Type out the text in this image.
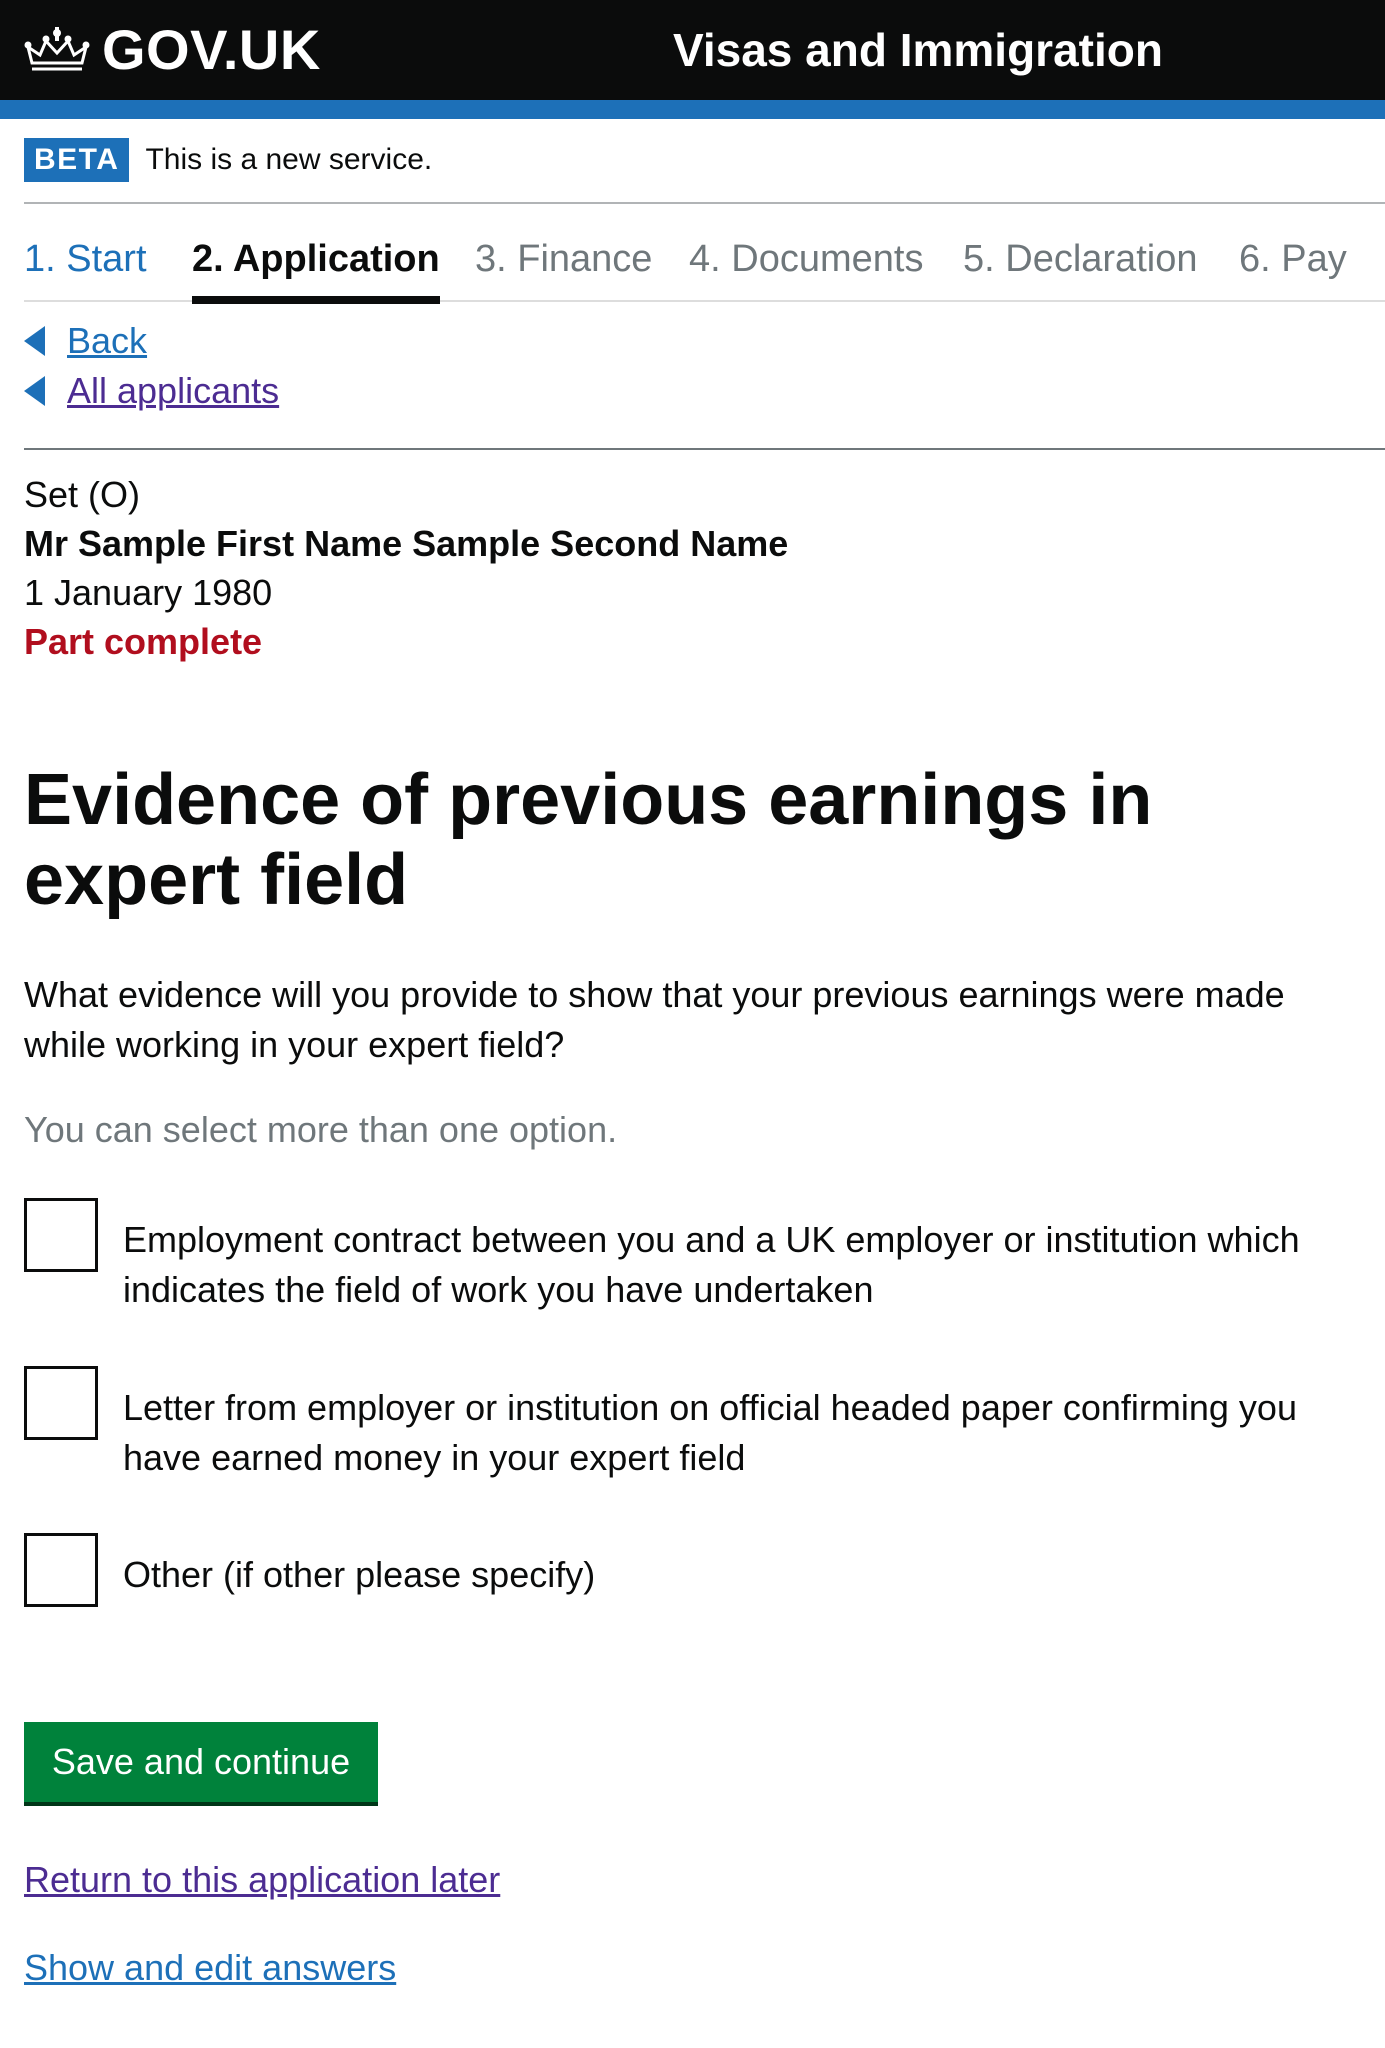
GOV.UK	Visas and Immigration
BETA This is a new service.
1. Start 2. Application 3. Finance 4. Documents 5. Declaration 6. Pay
Back
All applicants
Set (O)
Mr Sample First Name Sample Second Name
1 January 1980
Part complete
Evidence of previous earnings in expert field
What evidence will you provide to show that your previous earnings were made while working in your expert field?
You can select more than one option.
Employment contract between you and a UK employer or institution which indicates the field of work you have undertaken
Letter from employer or institution on official headed paper confirming you have earned money in your expert field
Other (if other please specify)
Save and continue
Return to this application later
Show and edit answers
